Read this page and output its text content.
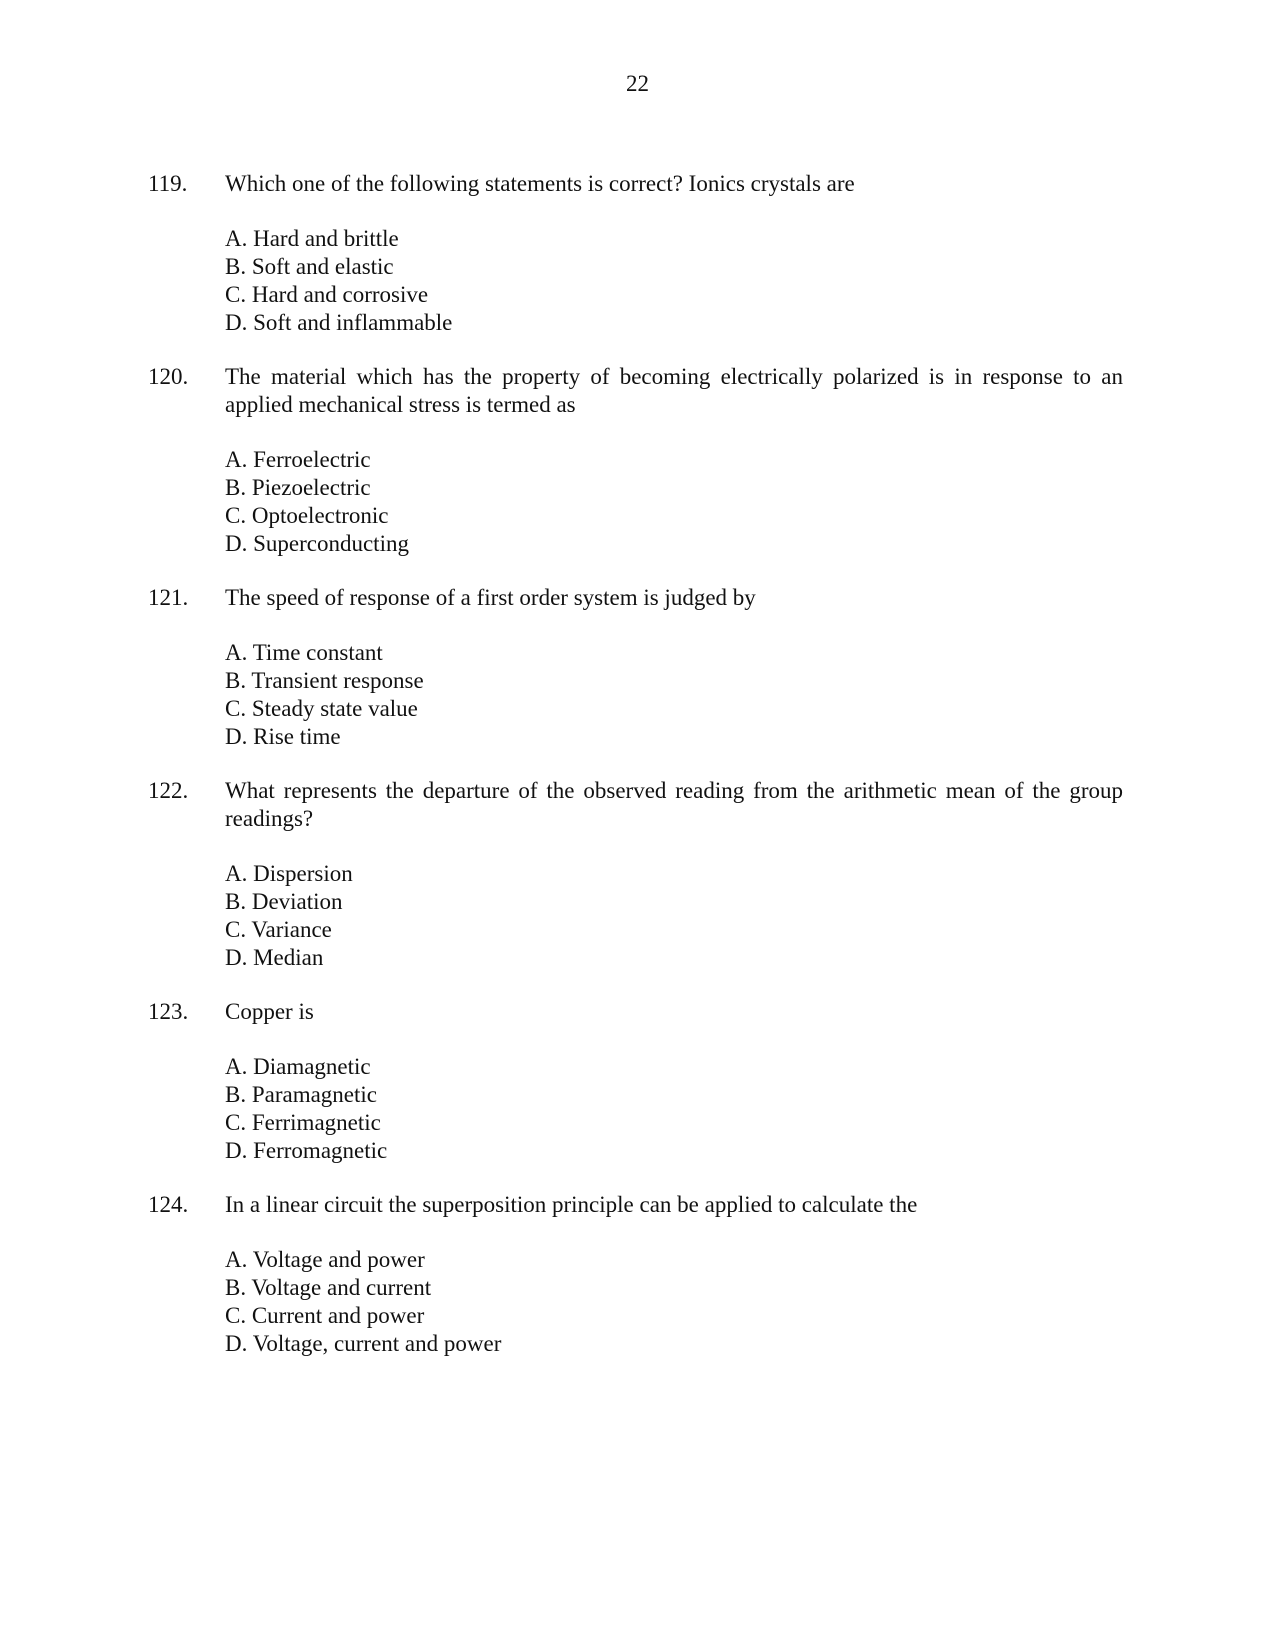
22
119.	Which one of the following statements is correct? Ionics crystals are
A. Hard and brittle
B. Soft and elastic
C. Hard and corrosive
D. Soft and inflammable
120.	The material which has the property of becoming electrically polarized is in response to an applied mechanical stress is termed as
A. Ferroelectric
B. Piezoelectric
C. Optoelectronic
D. Superconducting
121.	The speed of response of a first order system is judged by
A. Time constant
B. Transient response
C. Steady state value
D. Rise time
122.	What represents the departure of the observed reading from the arithmetic mean of the group readings?
A. Dispersion
B. Deviation
C. Variance
D. Median
123.	Copper is
A. Diamagnetic
B. Paramagnetic
C. Ferrimagnetic
D. Ferromagnetic
124.	In a linear circuit the superposition principle can be applied to calculate the
A. Voltage and power
B. Voltage and current
C. Current and power
D. Voltage, current and power
